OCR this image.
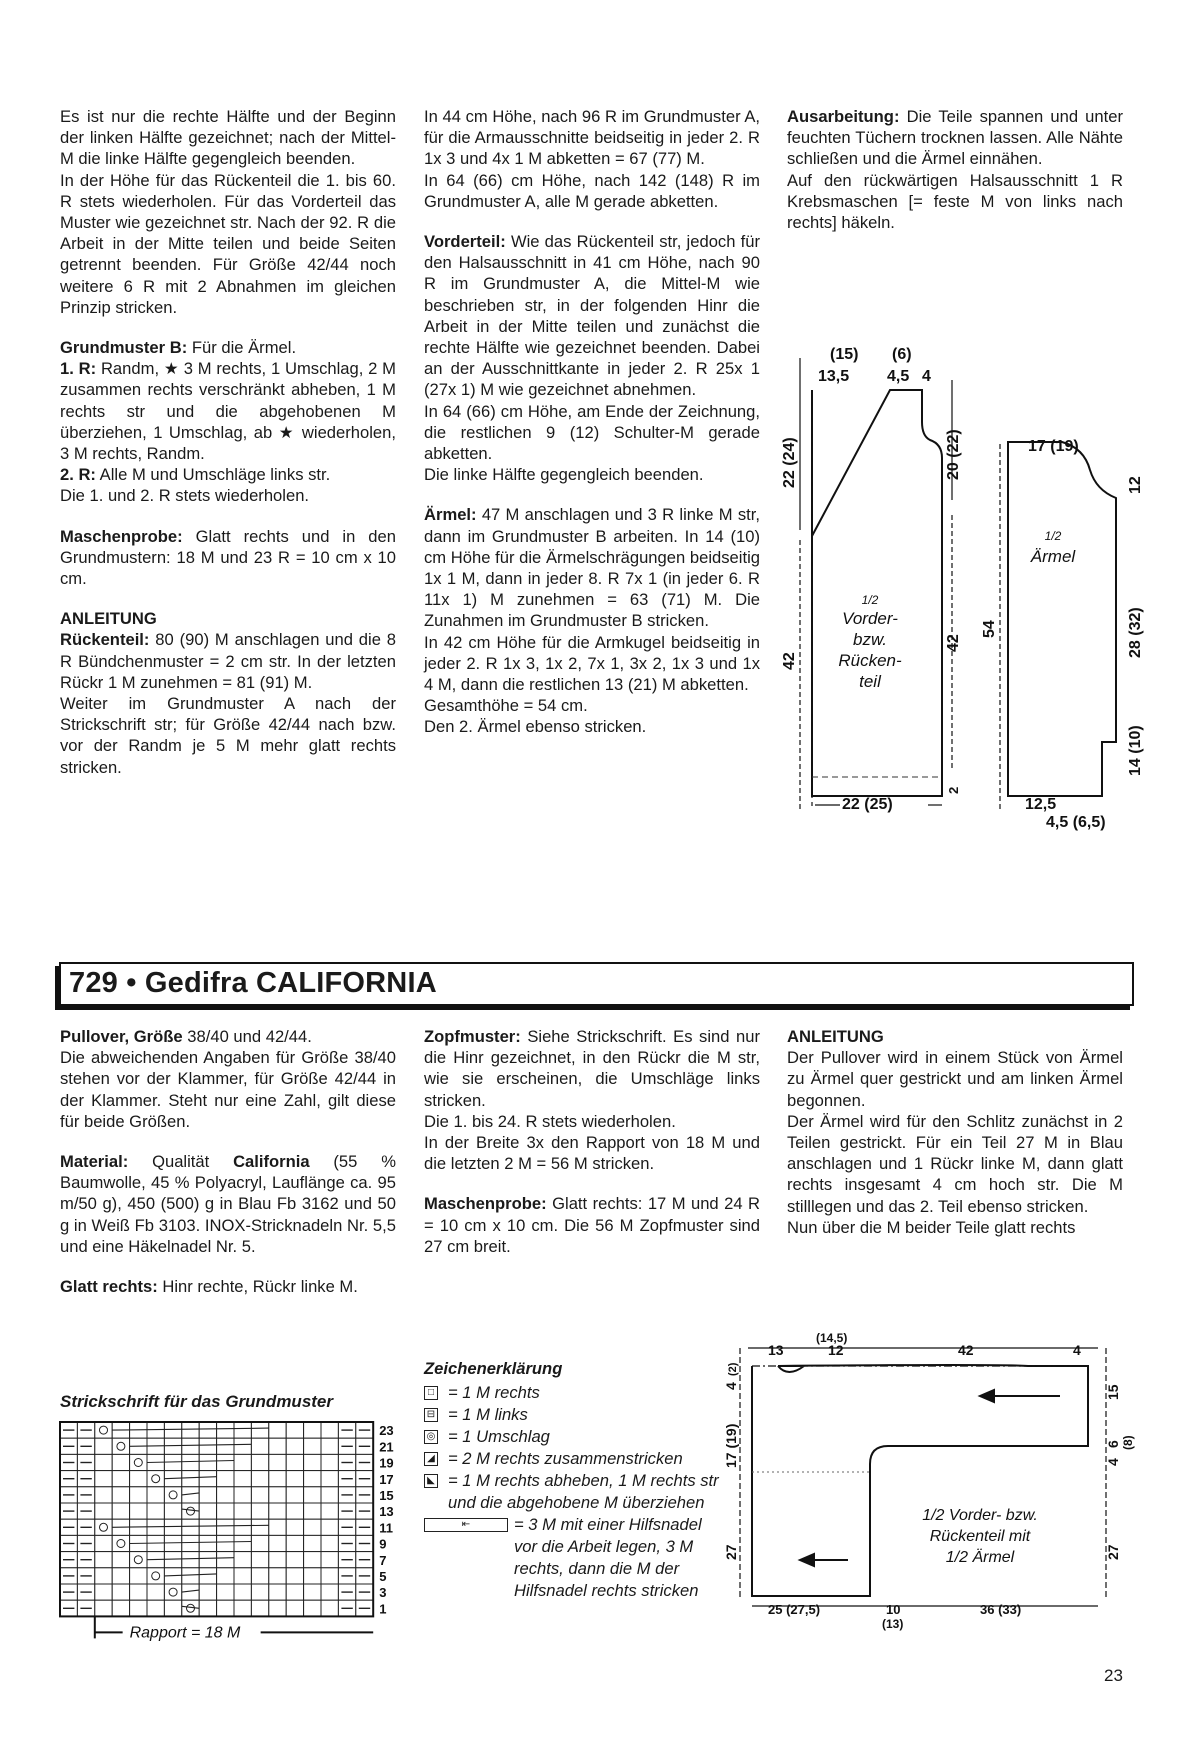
Es ist nur die rechte Hälfte und der Beginn der linken Hälfte gezeichnet; nach der Mittel-M die linke Hälfte gegengleich beenden.

In der Höhe für das Rückenteil die 1. bis 60. R stets wiederholen. Für das Vorderteil das Muster wie gezeichnet str. Nach der 92. R die Arbeit in der Mitte teilen und beide Seiten getrennt beenden. Für Größe 42/44 noch weitere 6 R mit 2 Abnahmen im gleichen Prinzip stricken.

Grundmuster B: Für die Ärmel.

1. R: Randm, ★ 3 M rechts, 1 Umschlag, 2 M zusammen rechts verschränkt abheben, 1 M rechts str und die abgehobenen M überziehen, 1 Umschlag, ab ★ wiederholen, 3 M rechts, Randm.

2. R: Alle M und Umschläge links str.

Die 1. und 2. R stets wiederholen.

Maschenprobe: Glatt rechts und in den Grundmustern: 18 M und 23 R = 10 cm x 10 cm.

ANLEITUNG

Rückenteil: 80 (90) M anschlagen und die 8 R Bündchenmuster = 2 cm str. In der letzten Rückr 1 M zunehmen = 81 (91) M.

Weiter im Grundmuster A nach der Strickschrift str; für Größe 42/44 nach bzw. vor der Randm je 5 M mehr glatt rechts stricken.

In 44 cm Höhe, nach 96 R im Grundmuster A, für die Armausschnitte beidseitig in jeder 2. R 1x 3 und 4x 1 M abketten = 67 (77) M.

In 64 (66) cm Höhe, nach 142 (148) R im Grundmuster A, alle M gerade abketten.

Vorderteil: Wie das Rückenteil str, jedoch für den Halsausschnitt in 41 cm Höhe, nach 90 R im Grundmuster A, die Mittel-M wie beschrieben str, in der folgenden Hinr die Arbeit in der Mitte teilen und zunächst die rechte Hälfte wie gezeichnet beenden. Dabei an der Ausschnittkante in jeder 2. R 25x 1 (27x 1) M wie gezeichnet abnehmen.

In 64 (66) cm Höhe, am Ende der Zeichnung, die restlichen 9 (12) Schulter-M gerade abketten.

Die linke Hälfte gegengleich beenden.

Ärmel: 47 M anschlagen und 3 R linke M str, dann im Grundmuster B arbeiten. In 14 (10) cm Höhe für die Ärmelschrägungen beidseitig 1x 1 M, dann in jeder 8. R 7x 1 (in jeder 6. R 11x 1) M zunehmen = 63 (71) M. Die Zunahmen im Grundmuster B stricken.

In 42 cm Höhe für die Armkugel beidseitig in jeder 2. R 1x 3, 1x 2, 7x 1, 3x 2, 1x 3 und 1x 4 M, dann die restlichen 13 (21) M abketten.

Gesamthöhe = 54 cm.

Den 2. Ärmel ebenso stricken.

Ausarbeitung: Die Teile spannen und unter feuchten Tüchern trocknen lassen. Alle Nähte schließen und die Ärmel einnähen.

Auf den rückwärtigen Halsausschnitt 1 R Krebsmaschen [= feste M von links nach rechts] häkeln.

(15) (6)
13,5 4,5 4
22 (24)	20 (22)
42
42
54
2
22 (25)
17 (19)
12
28 (32)
14 (10)
12,5
4,5 (6,5)
1/2
Vorder-
bzw.
Rücken-
teil
1/2
Ärmel
729 • Gedifra CALIFORNIA

Pullover, Größe 38/40 und 42/44.

Die abweichenden Angaben für Größe 38/40 stehen vor der Klammer, für Größe 42/44 in der Klammer. Steht nur eine Zahl, gilt diese für beide Größen.

Material: Qualität California (55 % Baumwolle, 45 % Polyacryl, Lauflänge ca. 95 m/50 g), 450 (500) g in Blau Fb 3162 und 50 g in Weiß Fb 3103. INOX-Stricknadeln Nr. 5,5 und eine Häkelnadel Nr. 5.

Glatt rechts: Hinr rechte, Rückr linke M.

Zopfmuster: Siehe Strickschrift. Es sind nur die Hinr gezeichnet, in den Rückr die M str, wie sie erscheinen, die Umschläge links stricken.

Die 1. bis 24. R stets wiederholen.

In der Breite 3x den Rapport von 18 M und die letzten 2 M = 56 M stricken.

Maschenprobe: Glatt rechts: 17 M und 24 R = 10 cm x 10 cm. Die 56 M Zopfmuster sind 27 cm breit.

ANLEITUNG

Der Pullover wird in einem Stück von Ärmel zu Ärmel quer gestrickt und am linken Ärmel begonnen.

Der Ärmel wird für den Schlitz zunächst in 2 Teilen gestrickt. Für ein Teil 27 M in Blau anschlagen und 1 Rückr linke M, dann glatt rechts insgesamt 4 cm hoch str. Die M stilllegen und das 2. Teil ebenso stricken.

Nun über die M beider Teile glatt rechts

Strickschrift für das Grundmuster
23
21
19
17
15
13
11
9
7
5
3
1
Rapport = 18 M
Zeichenerklärung
□ = 1 M rechts
⊟ = 1 M links
◎ = 1 Umschlag
◢ = 2 M rechts zusammenstricken
◣ = 1 M rechts abheben, 1 M rechts str und die abgehobene M überziehen
⇤	= 3 M mit einer Hilfsnadel vor die Arbeit legen, 3 M rechts, dann die M der Hilfsnadel rechts stricken
13
(14,5)
12	42	4
4
(2)
17 (19)
27
15
4
6 (8)
27
25 (27,5)	10
(13)
36 (33)
1/2 Vorder- bzw.
Rückenteil mit
1/2 Ärmel
23
